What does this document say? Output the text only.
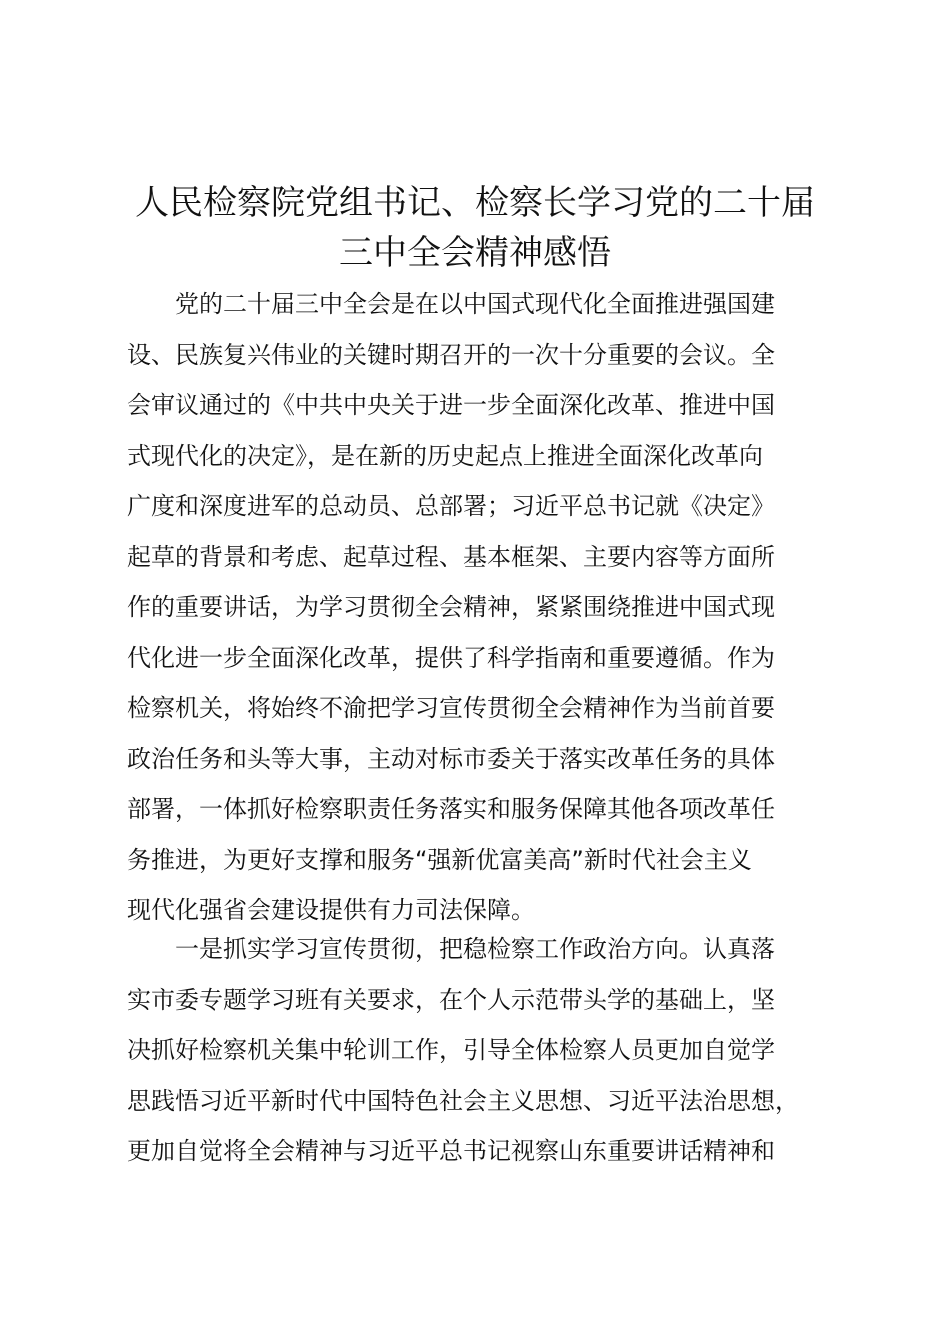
人民检察院党组书记、检察长学习党的二十届
三中全会精神感悟
　　党的二十届三中全会是在以中国式现代化全面推进强国建
设、民族复兴伟业的关键时期召开的一次十分重要的会议。全
会审议通过的《中共中央关于进一步全面深化改革、推进中国
式现代化的决定》，是在新的历史起点上推进全面深化改革向
广度和深度进军的总动员、总部署；习近平总书记就《决定》
起草的背景和考虑、起草过程、基本框架、主要内容等方面所
作的重要讲话，为学习贯彻全会精神，紧紧围绕推进中国式现
代化进一步全面深化改革，提供了科学指南和重要遵循。作为
检察机关，将始终不渝把学习宣传贯彻全会精神作为当前首要
政治任务和头等大事，主动对标市委关于落实改革任务的具体
部署，一体抓好检察职责任务落实和服务保障其他各项改革任
务推进，为更好支撑和服务“强新优富美高”新时代社会主义
现代化强省会建设提供有力司法保障。
　　一是抓实学习宣传贯彻，把稳检察工作政治方向。认真落
实市委专题学习班有关要求，在个人示范带头学的基础上，坚
决抓好检察机关集中轮训工作，引导全体检察人员更加自觉学
思践悟习近平新时代中国特色社会主义思想、习近平法治思想，
更加自觉将全会精神与习近平总书记视察山东重要讲话精神和
